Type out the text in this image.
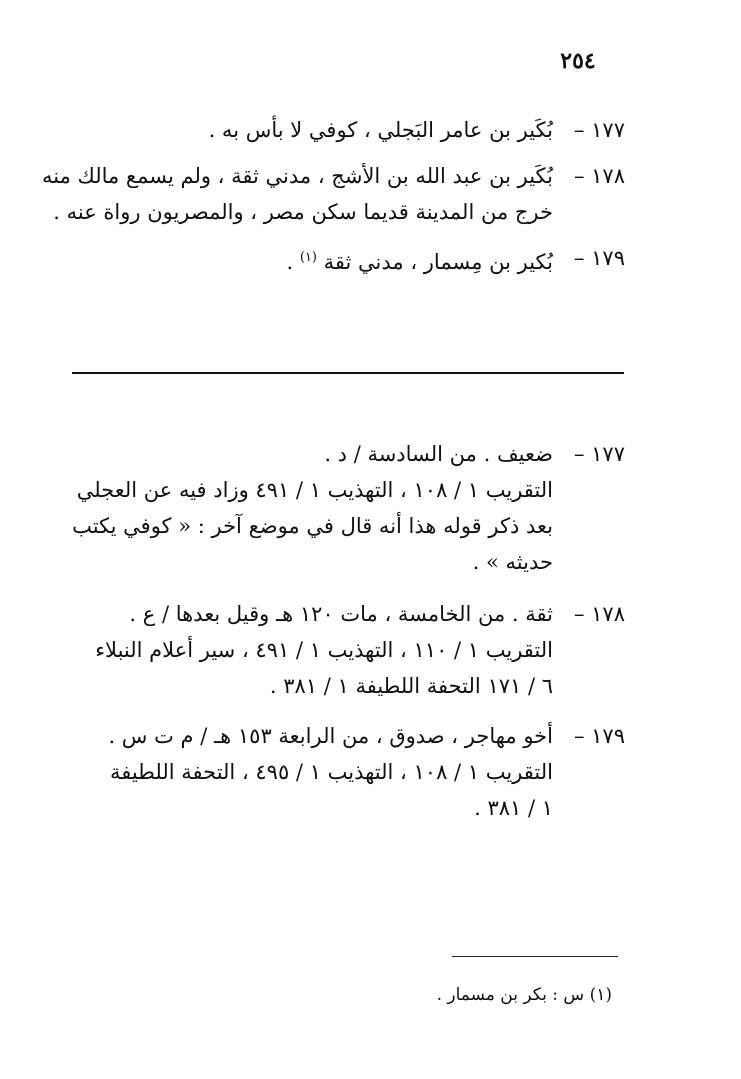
٢٥٤
١٧٧ –
بُكَير بن عامر البَجلي ، كوفي لا بأس به .
١٧٨ –
بُكَير بن عبد الله بن الأشج ، مدني ثقة ، ولم يسمع مالك منه
خرج من المدينة قديما سكن مصر ، والمصريون رواة عنه .
١٧٩ –
بُكير بن مِسمار ، مدني ثقة $^{(١)}$ .
١٧٧ –
ضعيف . من السادسة / د .
التقريب ١ / ١٠٨ ، التهذيب ١ / ٤٩١ وزاد فيه عن العجلي
بعد ذكر قوله هذا أنه قال في موضع آخر : « كوفي يكتب
حديثه » .
١٧٨ –
ثقة . من الخامسة ، مات ١٢٠ هـ وقيل بعدها / ع .
التقريب ١ / ١١٠ ، التهذيب ١ / ٤٩١ ، سير أعلام النبلاء
٦ / ١٧١ التحفة اللطيفة ١ / ٣٨١ .
١٧٩ –
أخو مهاجر ، صدوق ، من الرابعة ١٥٣ هـ / م ت س .
التقريب ١ / ١٠٨ ، التهذيب ١ / ٤٩٥ ، التحفة اللطيفة
١ / ٣٨١ .
(١) س : بكر بن مسمار .
